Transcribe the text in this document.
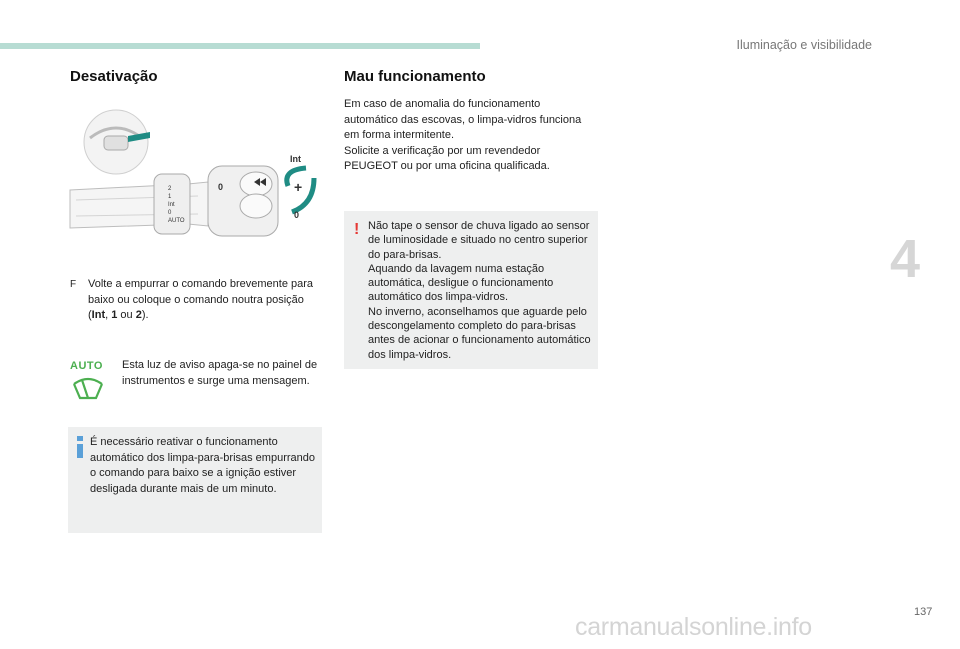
Iluminação e visibilidade
4
137
Desativação	Mau funcionamento
2
1
Int
0
AUTO
0	+
Int
0
F Volte a empurrar o comando brevemente para baixo ou coloque o comando noutra posição (Int, 1 ou 2).
AUTO Esta luz de aviso apaga-se no painel de instrumentos e surge uma mensagem.
É necessário reativar o funcionamento automático dos limpa-para-brisas empurrando o comando para baixo se a ignição estiver desligada durante mais de um minuto.
Em caso de anomalia do funcionamento automático das escovas, o limpa-vidros funciona em forma intermitente.
Solicite a verificação por um revendedor PEUGEOT ou por uma oficina qualificada.
! Não tape o sensor de chuva ligado ao sensor de luminosidade e situado no centro superior do para-brisas.
Aquando da lavagem numa estação automática, desligue o funcionamento automático dos limpa-vidros.
No inverno, aconselhamos que aguarde pelo descongelamento completo do para-brisas antes de acionar o funcionamento automático dos limpa-vidros.
carmanualsonline.info
